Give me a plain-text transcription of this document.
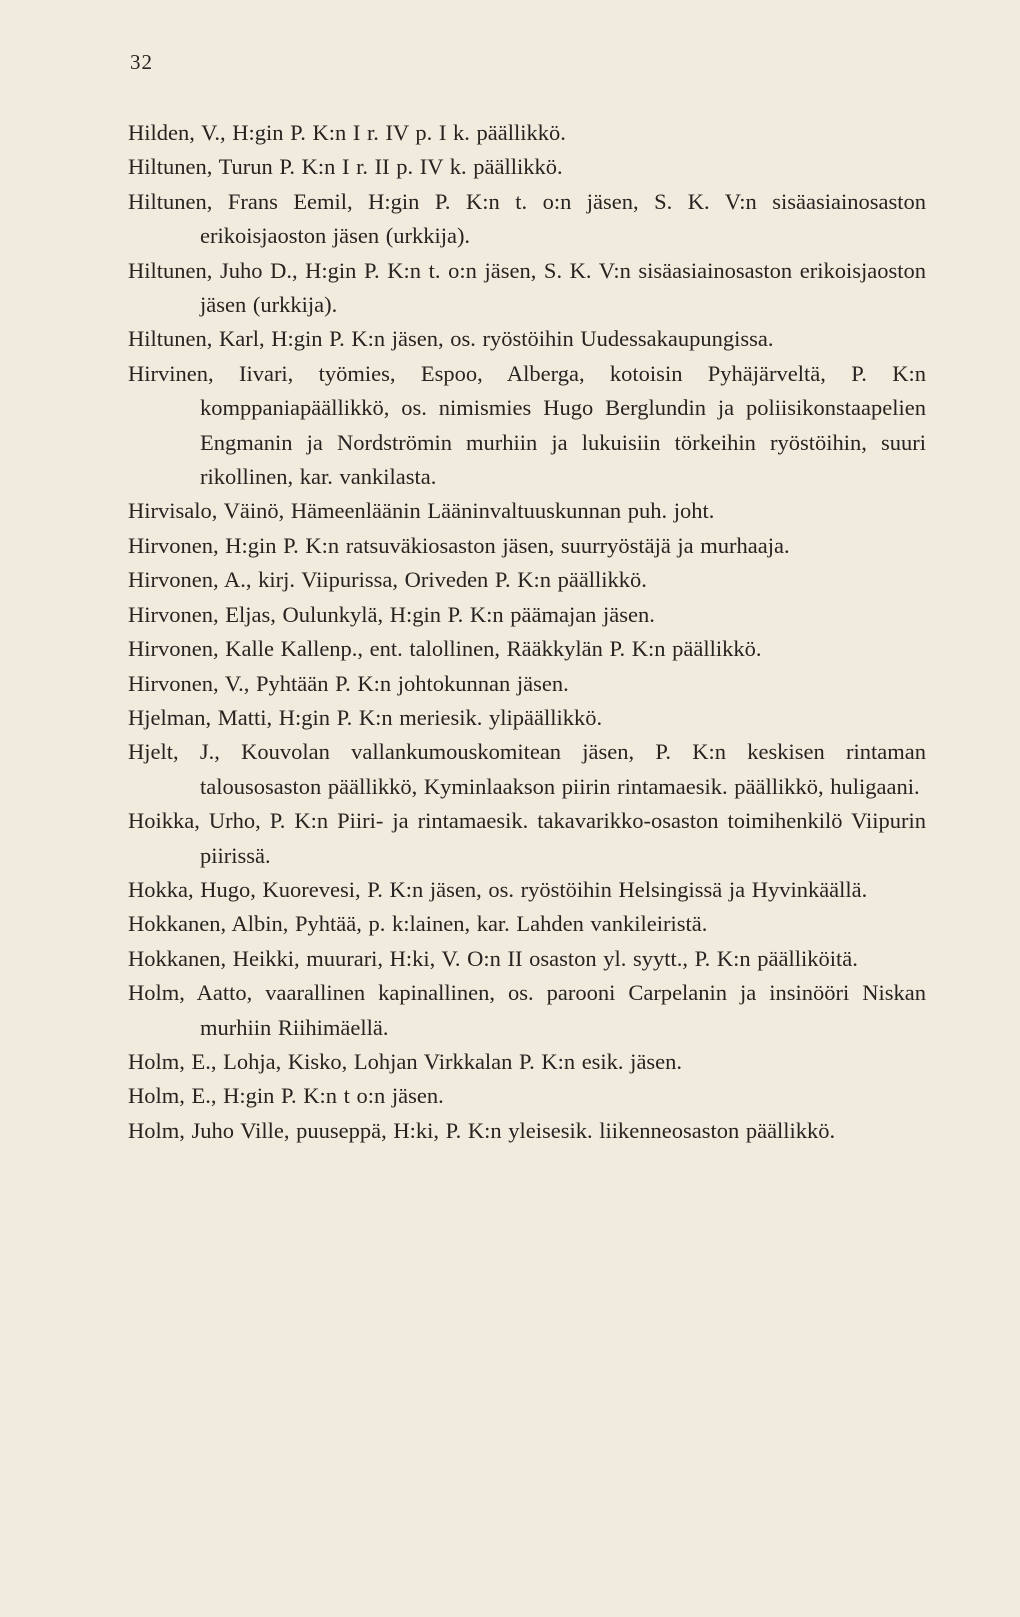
32

Hilden, V., H:gin P. K:n I r. IV p. I k. päällikkö.

Hiltunen, Turun P. K:n I r. II p. IV k. päällikkö.

Hiltunen, Frans Eemil, H:gin P. K:n t. o:n jäsen, S. K. V:n sisäasiainosaston erikoisjaoston jäsen (urkkija).

Hiltunen, Juho D., H:gin P. K:n t. o:n jäsen, S. K. V:n sisäasiainosaston erikoisjaoston jäsen (urkkija).

Hiltunen, Karl, H:gin P. K:n jäsen, os. ryöstöihin Uudessakaupungissa.

Hirvinen, Iivari, työmies, Espoo, Alberga, kotoisin Pyhäjärveltä, P. K:n komppaniapäällikkö, os. nimismies Hugo Berglundin ja poliisikonstaapelien Engmanin ja Nordströmin murhiin ja lukuisiin törkeihin ryöstöihin, suuri rikollinen, kar. vankilasta.

Hirvisalo, Väinö, Hämeenläänin Lääninvaltuuskunnan puh. joht.

Hirvonen, H:gin P. K:n ratsuväkiosaston jäsen, suurryöstäjä ja murhaaja.

Hirvonen, A., kirj. Viipurissa, Oriveden P. K:n päällikkö.

Hirvonen, Eljas, Oulunkylä, H:gin P. K:n päämajan jäsen.

Hirvonen, Kalle Kallenp., ent. talollinen, Rääkkylän P. K:n päällikkö.

Hirvonen, V., Pyhtään P. K:n johtokunnan jäsen.

Hjelman, Matti, H:gin P. K:n meriesik. ylipäällikkö.

Hjelt, J., Kouvolan vallankumouskomitean jäsen, P. K:n keskisen rintaman talousosaston päällikkö, Kyminlaakson piirin rintamaesik. päällikkö, huligaani.

Hoikka, Urho, P. K:n Piiri- ja rintamaesik. takavarikko-osaston toimihenkilö Viipurin piirissä.

Hokka, Hugo, Kuorevesi, P. K:n jäsen, os. ryöstöihin Helsingissä ja Hyvinkäällä.

Hokkanen, Albin, Pyhtää, p. k:lainen, kar. Lahden vankileiristä.

Hokkanen, Heikki, muurari, H:ki, V. O:n II osaston yl. syytt., P. K:n päälliköitä.

Holm, Aatto, vaarallinen kapinallinen, os. parooni Carpelanin ja insinööri Niskan murhiin Riihimäellä.

Holm, E., Lohja, Kisko, Lohjan Virkkalan P. K:n esik. jäsen.

Holm, E., H:gin P. K:n t o:n jäsen.

Holm, Juho Ville, puuseppä, H:ki, P. K:n yleisesik. liikenneosaston päällikkö.
